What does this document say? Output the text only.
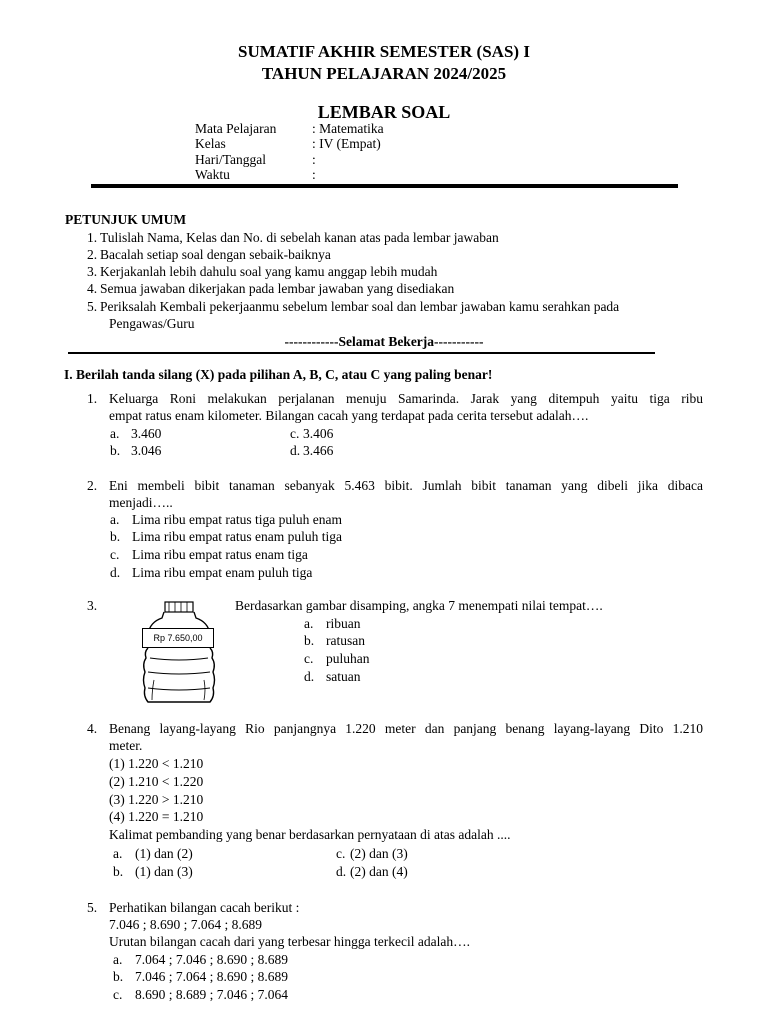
SUMATIF AKHIR SEMESTER (SAS) I
TAHUN PELAJARAN 2024/2025
LEMBAR SOAL
Mata Pelajaran	: Matematika
Kelas	: IV (Empat)
Hari/Tanggal	:
Waktu	:
PETUNJUK UMUM
1. Tulislah Nama, Kelas dan No. di sebelah kanan atas pada lembar jawaban
2. Bacalah setiap soal dengan sebaik-baiknya
3. Kerjakanlah lebih dahulu soal yang kamu anggap lebih mudah
4. Semua jawaban dikerjakan pada lembar jawaban yang disediakan
5. Periksalah Kembali pekerjaanmu sebelum lembar soal dan lembar jawaban kamu serahkan pada
Pengawas/Guru
------------Selamat Bekerja-----------
I. Berilah tanda silang (X) pada pilihan A, B, C, atau C yang paling benar!
1. Keluarga Roni melakukan perjalanan menuju Samarinda. Jarak yang ditempuh yaitu tiga ribu
empat ratus enam kilometer. Bilangan cacah yang terdapat pada cerita tersebut adalah….
a. 3.460	c. 3.406
b. 3.046	d. 3.466
2. Eni membeli bibit tanaman sebanyak 5.463 bibit. Jumlah bibit tanaman yang dibeli jika dibaca
menjadi…..
a. Lima ribu empat ratus tiga puluh enam
b. Lima ribu empat ratus enam puluh tiga
c. Lima ribu empat ratus enam tiga
d. Lima ribu empat enam puluh tiga
3.
Rp 7.650,00
Berdasarkan gambar disamping, angka 7 menempati nilai tempat….
a. ribuan
b. ratusan
c. puluhan
d. satuan
4. Benang layang-layang Rio panjangnya 1.220 meter dan panjang benang layang-layang Dito 1.210
meter.
(1) 1.220 < 1.210
(2) 1.210 < 1.220
(3) 1.220 > 1.210
(4) 1.220 = 1.210
Kalimat pembanding yang benar berdasarkan pernyataan di atas adalah ....
a. (1) dan (2)	c. (2) dan (3)
b. (1) dan (3)	d. (2) dan (4)
5. Perhatikan bilangan cacah berikut :
7.046 ; 8.690 ; 7.064 ; 8.689
Urutan bilangan cacah dari yang terbesar hingga terkecil adalah….
a. 7.064 ; 7.046 ; 8.690 ; 8.689
b. 7.046 ; 7.064 ; 8.690 ; 8.689
c. 8.690 ; 8.689 ; 7.046 ; 7.064
